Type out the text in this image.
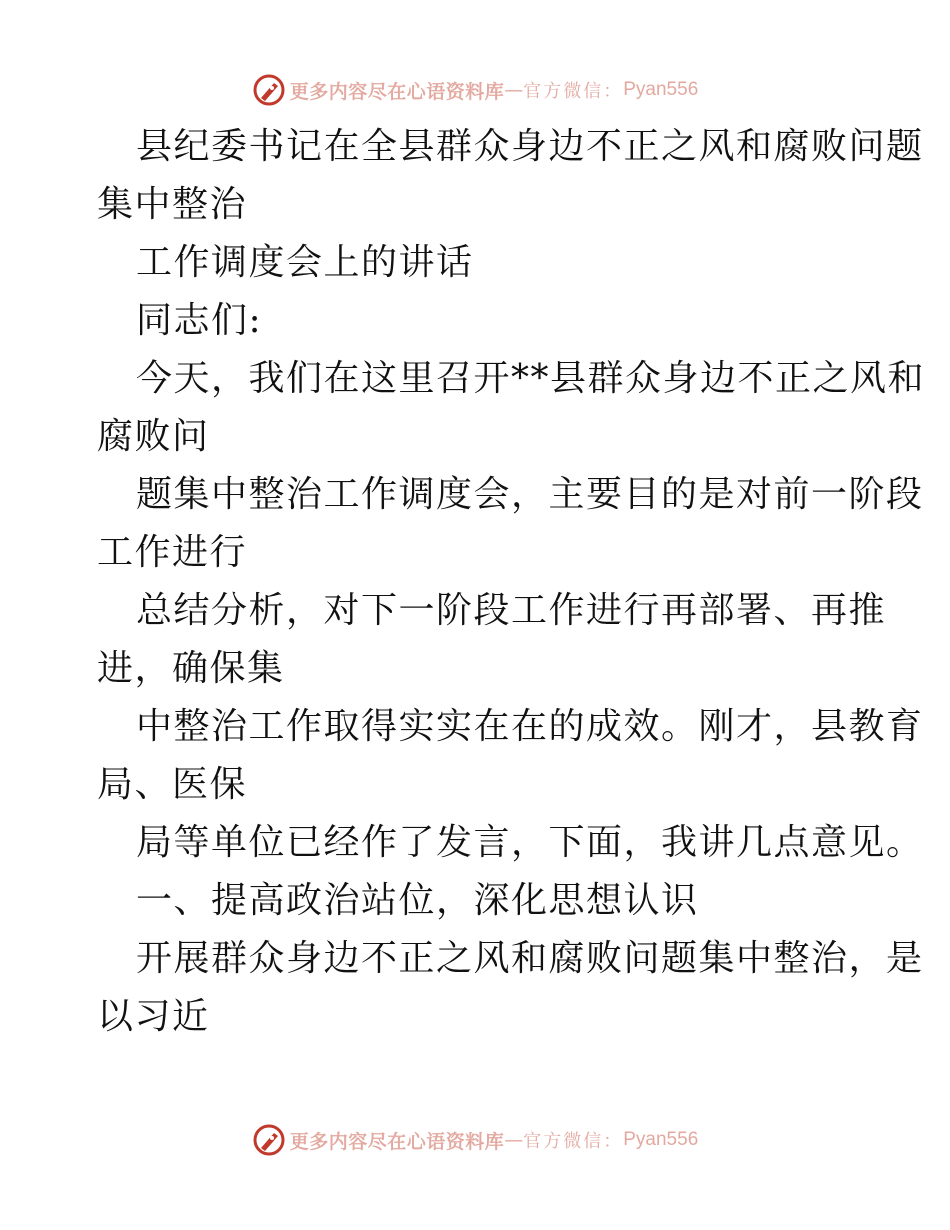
更多内容尽在心语资料库 — 官方微信： Pyan556
县纪委书记在全县群众身边不正之风和腐败问题
集中整治
工作调度会上的讲话
同志们:
今天，我们在这里召开**县群众身边不正之风和
腐败问
题集中整治工作调度会，主要目的是对前一阶段
工作进行
总结分析，对下一阶段工作进行再部署、再推
进，确保集
中整治工作取得实实在在的成效。刚才，县教育
局、医保
局等单位已经作了发言，下面，我讲几点意见。
一、提高政治站位，深化思想认识
开展群众身边不正之风和腐败问题集中整治，是
以习近
更多内容尽在心语资料库 — 官方微信： Pyan556
